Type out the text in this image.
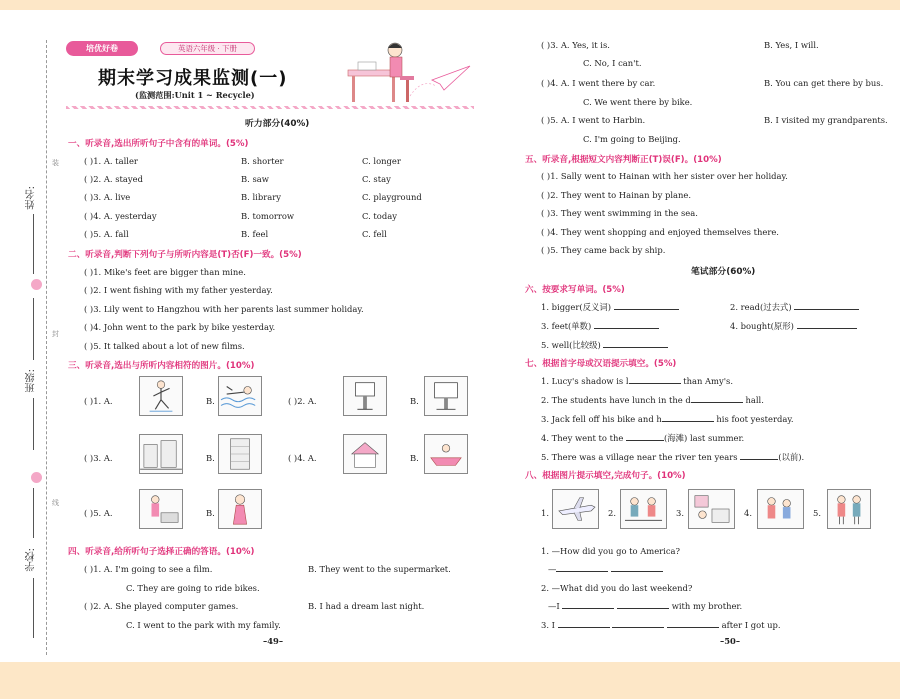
姓名:
班级:
学校:
装
封
线
培优好卷	英语六年级 · 下册
期末学习成果监测(一)
(监测范围:Unit 1 ~ Recycle)
听力部分(40%)
一、听录音,选出所听句子中含有的单词。(5%)
( )1. A. taller	B. shorter	C. longer
( )2. A. stayed	B. saw	C. stay
( )3. A. live	B. library	C. playground
( )4. A. yesterday	B. tomorrow	C. today
( )5. A. fall	B. feel	C. fell
二、听录音,判断下列句子与所听内容是(T)否(F)一致。(5%)
( )1. Mike's feet are bigger than mine.
( )2. I went fishing with my father yesterday.
( )3. Lily went to Hangzhou with her parents last summer holiday.
( )4. John went to the park by bike yesterday.
( )5. It talked about a lot of new films.
三、听录音,选出与所听内容相符的图片。(10%)
( )1. A.	B.	( )2. A.	B.
( )3. A.	B.	( )4. A.	B.
( )5. A.	B.
四、听录音,给所听句子选择正确的答语。(10%)
( )1. A. I'm going to see a film.	B. They went to the supermarket.
C. They are going to ride bikes.
( )2. A. She played computer games.	B. I had a dream last night.
C. I went to the park with my family.
–49–
( )3. A. Yes, it is.	B. Yes, I will.
C. No, I can't.
( )4. A. I went there by car.	B. You can get there by bus.
C. We went there by bike.
( )5. A. I went to Harbin.	B. I visited my grandparents.
C. I'm going to Beijing.
五、听录音,根据短文内容判断正(T)误(F)。(10%)
( )1. Sally went to Hainan with her sister over her holiday.
( )2. They went to Hainan by plane.
( )3. They went swimming in the sea.
( )4. They went shopping and enjoyed themselves there.
( )5. They came back by ship.
笔试部分(60%)
六、按要求写单词。(5%)
1. bigger(反义词)	2. read(过去式)
3. feet(单数)	4. bought(原形)
5. well(比较级)
七、根据首字母或汉语提示填空。(5%)
1. Lucy's shadow is l	than Amy's.
2. The students have lunch in the d	hall.
3. Jack fell off his bike and h	his foot yesterday.
4. They went to the	(海滩) last summer.
5. There was a village near the river ten years	(以前).
八、根据图片提示填空,完成句子。(10%)
1.	2.	3.	4.	5.
1. —How did you go to America?
—
2. —What did you do last weekend?
—I	with my brother.
3. I	after I got up.
–50–
